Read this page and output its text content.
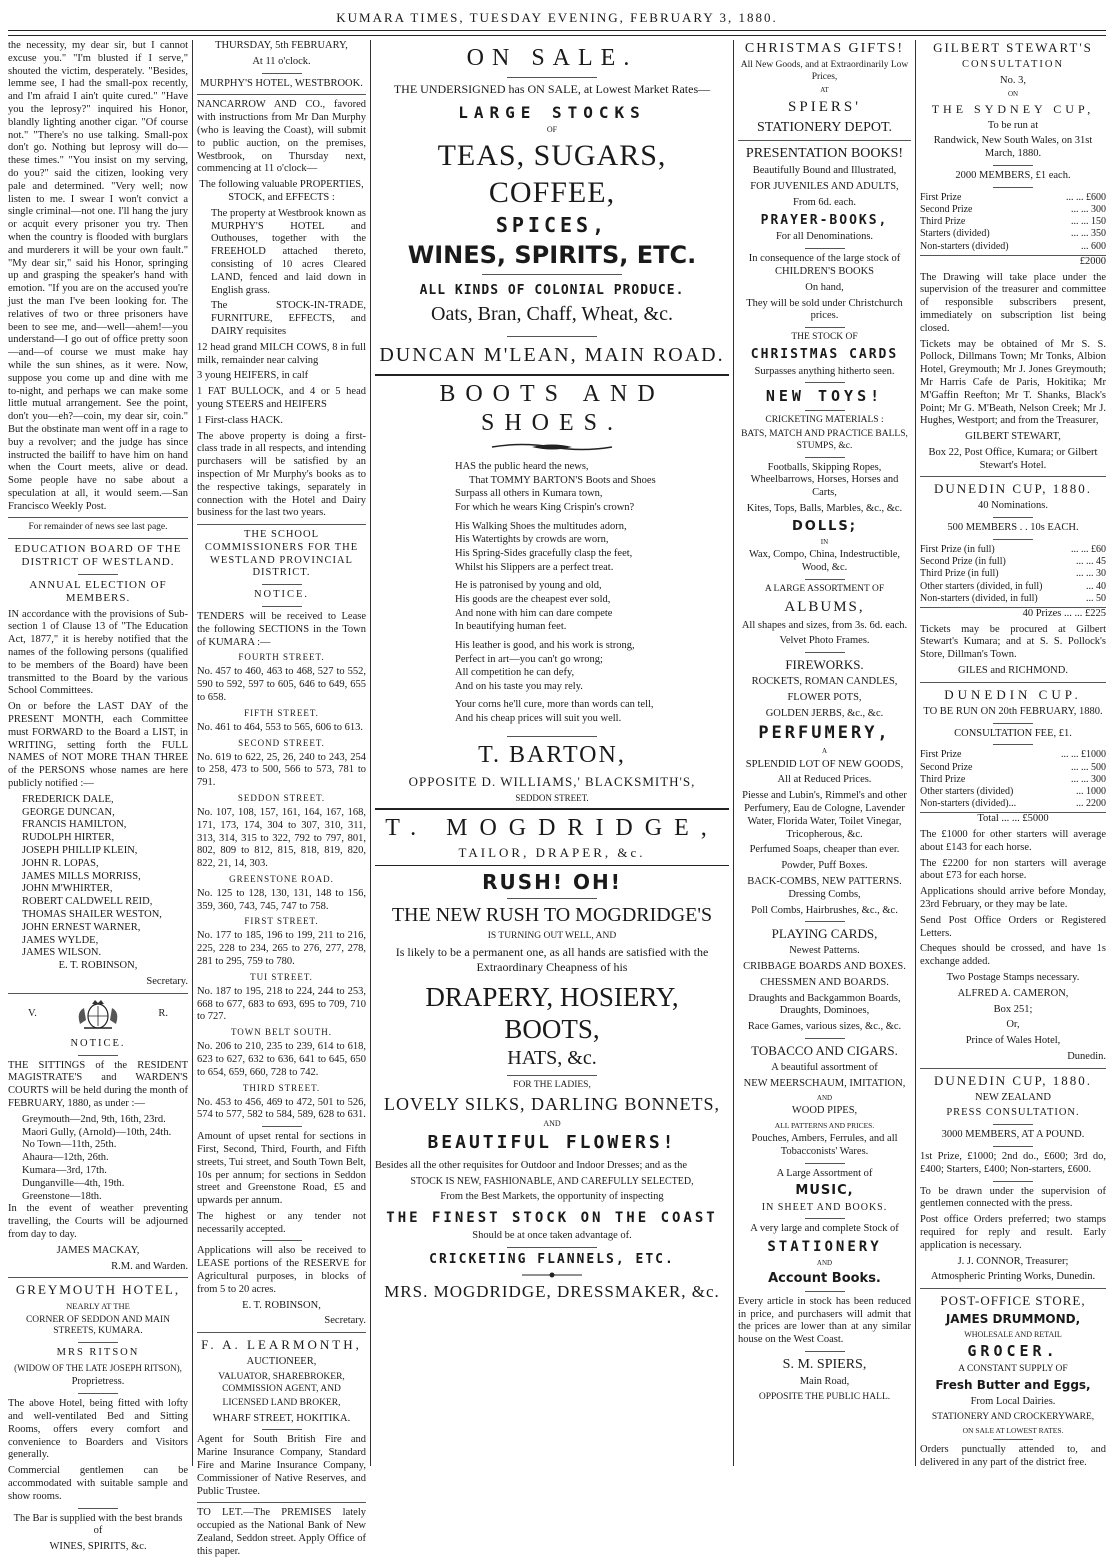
KUMARA TIMES, TUESDAY EVENING, FEBRUARY 3, 1880.

the necessity, my dear sir, but I cannot excuse you." "I'm blusted if I serve," shouted the victim, desperately. "Besides, lemme see, I had the small-pox recently, and I'm afraid I ain't quite cured." "Have you the leprosy?" inquired his Honor, blandly lighting another cigar. "Of course not." "There's no use talking. Small-pox don't go. Nothing but leprosy will do—these times." "You insist on my serving, do you?" said the citizen, looking very pale and determined. "Very well; now listen to me. I swear I won't convict a single criminal—not one. I'll hang the jury or acquit every prisoner you try. Then when the country is flooded with burglars and murderers it will be your own fault." "My dear sir," said his Honor, springing up and grasping the speaker's hand with emotion. "If you are on the accused you're just the man I've been looking for. The relatives of two or three prisoners have been to see me, and—well—ahem!—you understand—I go out of office pretty soon—and—of course we must make hay while the sun shines, as it were. Now, suppose you come up and dine with me to-night, and perhaps we can make some little mutual arrangement. See the point, don't you—eh?—coin, my dear sir, coin." But the obstinate man went off in a rage to buy a revolver; and the judge has since instructed the bailiff to have him on hand when the Court meets, alive or dead. Some people have no sabe about a speculation at all, it would seem.—San Francisco Weekly Post.

For remainder of news see last page.

EDUCATION BOARD OF THE DISTRICT OF WESTLAND.

ANNUAL ELECTION OF MEMBERS.

IN accordance with the provisions of Sub-section 1 of Clause 13 of "The Education Act, 1877," it is hereby notified that the names of the following persons (qualified to be members of the Board) have been transmitted to the Board by the various School Committees.

On or before the LAST DAY of the PRESENT MONTH, each Committee must FORWARD to the Board a LIST, in WRITING, setting forth the FULL NAMES of NOT MORE THAN THREE of the PERSONS whose names are here publicly notified :—

FREDERICK DALE,
GEORGE DUNCAN,
FRANCIS HAMILTON,
RUDOLPH HIRTER,
JOSEPH PHILLIP KLEIN,
JOHN R. LOPAS,
JAMES MILLS MORRISS,
JOHN M'WHIRTER,
ROBERT CALDWELL REID,
THOMAS SHAILER WESTON,
JOHN ERNEST WARNER,
JAMES WYLDE,
JAMES WILSON.

E. T. ROBINSON,

Secretary.

V.	R.

NOTICE.

THE SITTINGS of the RESIDENT MAGISTRATE'S and WARDEN'S COURTS will be held during the month of FEBRUARY, 1880, as under :—

Greymouth—2nd, 9th, 16th, 23rd.
Maori Gully, (Arnold)—10th, 24th.
No Town—11th, 25th.
Ahaura—12th, 26th.
Kumara—3rd, 17th.
Dunganville—4th, 19th.
Greenstone—18th.

In the event of weather preventing travelling, the Courts will be adjourned from day to day.

JAMES MACKAY,

R.M. and Warden.

GREYMOUTH HOTEL,

NEARLY AT THE

CORNER OF SEDDON AND MAIN STREETS, KUMARA.

MRS RITSON

(WIDOW OF THE LATE JOSEPH RITSON),

Proprietress.

The above Hotel, being fitted with lofty and well-ventilated Bed and Sitting Rooms, offers every comfort and convenience to Boarders and Visitors generally.

Commercial gentlemen can be accommodated with suitable sample and show rooms.

The Bar is supplied with the best brands of

WINES, SPIRITS, &c.

THURSDAY, 5th FEBRUARY,

At 11 o'clock.

MURPHY'S HOTEL, WESTBROOK.

NANCARROW AND CO., favored with instructions from Mr Dan Murphy (who is leaving the Coast), will submit to public auction, on the premises, Westbrook, on Thursday next, commencing at 11 o'clock—

The following valuable PROPERTIES, STOCK, and EFFECTS :

The property at Westbrook known as MURPHY'S HOTEL and Outhouses, together with the FREEHOLD attached thereto, consisting of 10 acres Cleared LAND, fenced and laid down in English grass.

The STOCK-IN-TRADE, FURNITURE, EFFECTS, and DAIRY requisites

12 head grand MILCH COWS, 8 in full milk, remainder near calving

3 young HEIFERS, in calf

1 FAT BULLOCK, and 4 or 5 head young STEERS and HEIFERS

1 First-class HACK.

The above property is doing a first-class trade in all respects, and intending purchasers will be satisfied by an inspection of Mr Murphy's books as to the respective takings, separately in connection with the Hotel and Dairy business for the last two years.

THE SCHOOL COMMISSIONERS FOR THE WESTLAND PROVINCIAL DISTRICT.

NOTICE.

TENDERS will be received to Lease the following SECTIONS in the Town of KUMARA :—

FOURTH STREET.

No. 457 to 460, 463 to 468, 527 to 552, 590 to 592, 597 to 605, 646 to 649, 655 to 658.

FIFTH STREET.

No. 461 to 464, 553 to 565, 606 to 613.

SECOND STREET.

No. 619 to 622, 25, 26, 240 to 243, 254 to 258, 473 to 500, 566 to 573, 781 to 791.

SEDDON STREET.

No. 107, 108, 157, 161, 164, 167, 168, 171, 173, 174, 304 to 307, 310, 311, 313, 314, 315 to 322, 792 to 797, 801, 802, 809 to 812, 815, 818, 819, 820, 822, 21, 14, 303.

GREENSTONE ROAD.

No. 125 to 128, 130, 131, 148 to 156, 359, 360, 743, 745, 747 to 758.

FIRST STREET.

No. 177 to 185, 196 to 199, 211 to 216, 225, 228 to 234, 265 to 276, 277, 278, 281 to 295, 759 to 780.

TUI STREET.

No. 187 to 195, 218 to 224, 244 to 253, 668 to 677, 683 to 693, 695 to 709, 710 to 727.

TOWN BELT SOUTH.

No. 206 to 210, 235 to 239, 614 to 618, 623 to 627, 632 to 636, 641 to 645, 650 to 654, 659, 660, 728 to 742.

THIRD STREET.

No. 453 to 456, 469 to 472, 501 to 526, 574 to 577, 582 to 584, 589, 628 to 631.

Amount of upset rental for sections in First, Second, Third, Fourth, and Fifth streets, Tui street, and South Town Belt, 10s per annum; for sections in Seddon street and Greenstone Road, £5 and upwards per annum.

The highest or any tender not necessarily accepted.

Applications will also be received to LEASE portions of the RESERVE for Agricultural purposes, in blocks of from 5 to 20 acres.

E. T. ROBINSON,

Secretary.

F. A. LEARMONTH,

AUCTIONEER,

VALUATOR, SHAREBROKER, COMMISSION AGENT, AND

LICENSED LAND BROKER,

WHARF STREET, HOKITIKA.

Agent for South British Fire and Marine Insurance Company, Standard Fire and Marine Insurance Company, Commissioner of Native Reserves, and Public Trustee.

TO LET.—The PREMISES lately occupied as the National Bank of New Zealand, Seddon street. Apply Office of this paper.

ON SALE.

THE UNDERSIGNED has ON SALE, at Lowest Market Rates—

LARGE STOCKS

OF

TEAS, SUGARS, COFFEE,

SPICES,

WINES, SPIRITS, ETC.

ALL KINDS OF COLONIAL PRODUCE.

Oats, Bran, Chaff, Wheat, &c.

DUNCAN M'LEAN, MAIN ROAD.

BOOTS AND SHOES.

HAS the public heard the news,
That TOMMY BARTON'S Boots and Shoes
Surpass all others in Kumara town,
For which he wears King Crispin's crown?
His Walking Shoes the multitudes adorn,
His Watertights by crowds are worn,
His Spring-Sides gracefully clasp the feet,
Whilst his Slippers are a perfect treat.
He is patronised by young and old,
His goods are the cheapest ever sold,
And none with him can dare compete
In beautifying human feet.
His leather is good, and his work is strong,
Perfect in art—you can't go wrong;
All competition he can defy,
And on his taste you may rely.
Your corns he'll cure, more than words can tell,
And his cheap prices will suit you well.

T. BARTON,

OPPOSITE D. WILLIAMS,' BLACKSMITH'S,

SEDDON STREET.

T. MOGDRIDGE,

TAILOR, DRAPER, &c.

RUSH! OH!

THE NEW RUSH TO MOGDRIDGE'S

IS TURNING OUT WELL, AND

Is likely to be a permanent one, as all hands are satisfied with the Extraordinary Cheapness of his

DRAPERY, HOSIERY, BOOTS,

HATS, &c.

FOR THE LADIES,

LOVELY SILKS, DARLING BONNETS,

AND

BEAUTIFUL FLOWERS!

Besides all the other requisites for Outdoor and Indoor Dresses; and as the

STOCK IS NEW, FASHIONABLE, AND CAREFULLY SELECTED,

From the Best Markets, the opportunity of inspecting

THE FINEST STOCK ON THE COAST

Should be at once taken advantage of.

CRICKETING FLANNELS, ETC.

MRS. MOGDRIDGE, DRESSMAKER, &c.

CHRISTMAS GIFTS!

All New Goods, and at Extraordinarily Low Prices,

AT

SPIERS'

STATIONERY DEPOT.

PRESENTATION BOOKS!

Beautifully Bound and Illustrated,

FOR JUVENILES AND ADULTS,

From 6d. each.

PRAYER-BOOKS,

For all Denominations.

In consequence of the large stock of CHILDREN'S BOOKS

On hand,

They will be sold under Christchurch prices.

THE STOCK OF

CHRISTMAS CARDS

Surpasses anything hitherto seen.

NEW TOYS!

CRICKETING MATERIALS :

BATS, MATCH AND PRACTICE BALLS, STUMPS, &c.

Footballs, Skipping Ropes, Wheelbarrows, Horses, Horses and Carts,

Kites, Tops, Balls, Marbles, &c., &c.

DOLLS;

IN

Wax, Compo, China, Indestructible, Wood, &c.

A LARGE ASSORTMENT OF

ALBUMS,

All shapes and sizes, from 3s. 6d. each.

Velvet Photo Frames.

FIREWORKS.

ROCKETS, ROMAN CANDLES,

FLOWER POTS,

GOLDEN JERBS, &c., &c.

PERFUMERY,

A

SPLENDID LOT OF NEW GOODS,

All at Reduced Prices.

Piesse and Lubin's, Rimmel's and other Perfumery, Eau de Cologne, Lavender Water, Florida Water, Toilet Vinegar, Tricopherous, &c.

Perfumed Soaps, cheaper than ever.

Powder, Puff Boxes.

BACK-COMBS, NEW PATTERNS. Dressing Combs,

Poll Combs, Hairbrushes, &c., &c.

PLAYING CARDS,

Newest Patterns.

CRIBBAGE BOARDS AND BOXES.

CHESSMEN AND BOARDS.

Draughts and Backgammon Boards, Draughts, Dominoes,

Race Games, various sizes, &c., &c.

TOBACCO AND CIGARS.

A beautiful assortment of

NEW MEERSCHAUM, IMITATION,

AND

WOOD PIPES,

ALL PATTERNS AND PRICES.

Pouches, Ambers, Ferrules, and all Tobacconists' Wares.

A Large Assortment of

MUSIC,

IN SHEET AND BOOKS.

A very large and complete Stock of

STATIONERY

AND

Account Books.

Every article in stock has been reduced in price, and purchasers will admit that the prices are lower than at any similar house on the West Coast.

S. M. SPIERS,

Main Road,

OPPOSITE THE PUBLIC HALL.

GILBERT STEWART'S

CONSULTATION

No. 3,

ON

THE SYDNEY CUP,

To be run at

Randwick, New South Wales, on 31st March, 1880.

2000 MEMBERS, £1 each.

First Prize	... ... £600
Second Prize	... ... 300
Third Prize	... ... 150
Starters (divided)	... ... 350
Non-starters (divided)	... 600

£2000

The Drawing will take place under the supervision of the treasurer and committee of responsible subscribers present, immediately on subscription list being closed.

Tickets may be obtained of Mr S. S. Pollock, Dillmans Town; Mr Tonks, Albion Hotel, Greymouth; Mr J. Jones Greymouth; Mr Harris Cafe de Paris, Hokitika; Mr M'Gaffin Reefton; Mr T. Shanks, Black's Point; Mr G. M'Beath, Nelson Creek; Mr J. Hughes, Westport; and from the Treasurer,

GILBERT STEWART,

Box 22, Post Office, Kumara; or Gilbert Stewart's Hotel.

DUNEDIN CUP, 1880.

40 Nominations.

500 MEMBERS . . 10s EACH.

First Prize (in full)	... ... £60
Second Prize (in full)	... ... 45
Third Prize (in full)	... ... 30
Other starters (divided, in full)	... 40
Non-starters (divided, in full)	... 50

40 Prizes ... ... £225

Tickets may be procured at Gilbert Stewart's Kumara; and at S. S. Pollock's Store, Dillman's Town.

GILES and RICHMOND.

DUNEDIN CUP.

TO BE RUN ON 20th FEBRUARY, 1880.

CONSULTATION FEE, £1.

First Prize	... ... £1000
Second Prize	... ... 500
Third Prize	... ... 300
Other starters (divided)	... 1000
Non-starters (divided)...	... 2200

Total ... ... £5000

The £1000 for other starters will average about £143 for each horse.

The £2200 for non starters will average about £73 for each horse.

Applications should arrive before Monday, 23rd February, or they may be late.

Send Post Office Orders or Registered Letters.

Cheques should be crossed, and have 1s exchange added.

Two Postage Stamps necessary.

ALFRED A. CAMERON,

Box 251;

Or,

Prince of Wales Hotel,

Dunedin.

DUNEDIN CUP, 1880.

NEW ZEALAND

PRESS CONSULTATION.

3000 MEMBERS, AT A POUND.

1st Prize, £1000; 2nd do., £600; 3rd do, £400; Starters, £400; Non-starters, £600.

To be drawn under the supervision of gentlemen connected with the press.

Post office Orders preferred; two stamps required for reply and result. Early application is necessary.

J. J. CONNOR, Treasurer;

Atmospheric Printing Works, Dunedin.

POST-OFFICE STORE,

JAMES DRUMMOND,

WHOLESALE AND RETAIL

GROCER.

A CONSTANT SUPPLY OF

Fresh Butter and Eggs,

From Local Dairies.

STATIONERY AND CROCKERYWARE,

ON SALE AT LOWEST RATES.

Orders punctually attended to, and delivered in any part of the district free.
